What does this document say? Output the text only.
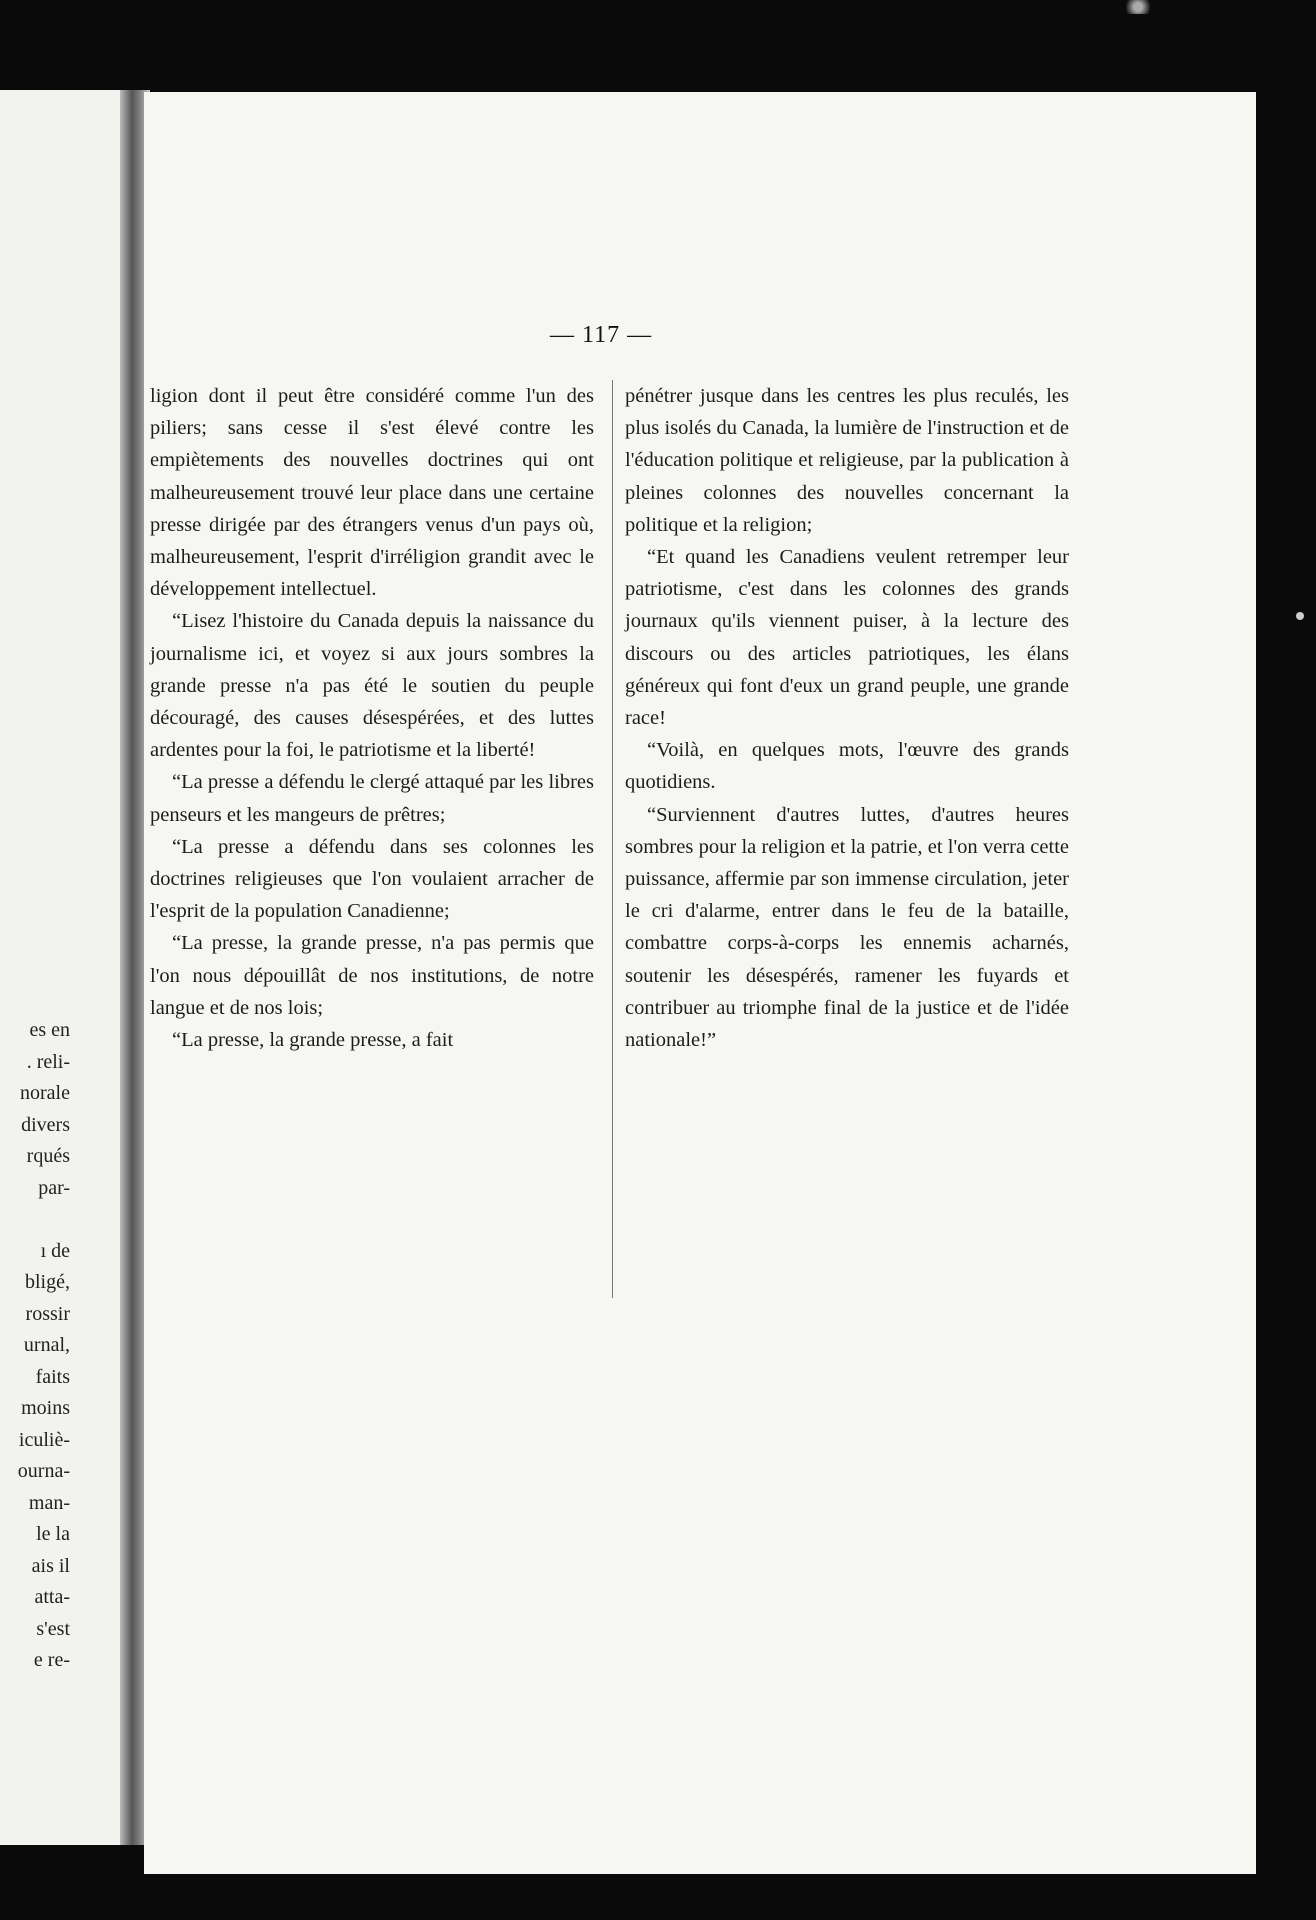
es en
. reli-
norale
divers
rqués
par-
ı de
bligé,
rossir
urnal,
faits
moins
iculiè-
ourna-
man-
le la
ais il
atta-
s'est
e re-
— 117 —

ligion dont il peut être considéré comme l'un des piliers; sans cesse il s'est élevé contre les empiètements des nouvelles doctrines qui ont malheureusement trouvé leur place dans une certaine presse dirigée par des étrangers venus d'un pays où, malheureusement, l'esprit d'irréligion grandit avec le développement intellectuel.

“Lisez l'histoire du Canada depuis la naissance du journalisme ici, et voyez si aux jours sombres la grande presse n'a pas été le soutien du peuple découragé, des causes désespérées, et des luttes ardentes pour la foi, le patriotisme et la liberté!

“La presse a défendu le clergé attaqué par les libres penseurs et les mangeurs de prêtres;

“La presse a défendu dans ses colonnes les doctrines religieuses que l'on voulaient arracher de l'esprit de la population Canadienne;

“La presse, la grande presse, n'a pas permis que l'on nous dépouillât de nos institutions, de notre langue et de nos lois;

“La presse, la grande presse, a fait

pénétrer jusque dans les centres les plus reculés, les plus isolés du Canada, la lumière de l'instruction et de l'éducation politique et religieuse, par la publication à pleines colonnes des nouvelles concernant la politique et la religion;

“Et quand les Canadiens veulent retremper leur patriotisme, c'est dans les colonnes des grands journaux qu'ils viennent puiser, à la lecture des discours ou des articles patriotiques, les élans généreux qui font d'eux un grand peuple, une grande race!

“Voilà, en quelques mots, l'œuvre des grands quotidiens.

“Surviennent d'autres luttes, d'autres heures sombres pour la religion et la patrie, et l'on verra cette puissance, affermie par son immense circulation, jeter le cri d'alarme, entrer dans le feu de la bataille, combattre corps-à-corps les ennemis acharnés, soutenir les désespérés, ramener les fuyards et contribuer au triomphe final de la justice et de l'idée nationale!”
